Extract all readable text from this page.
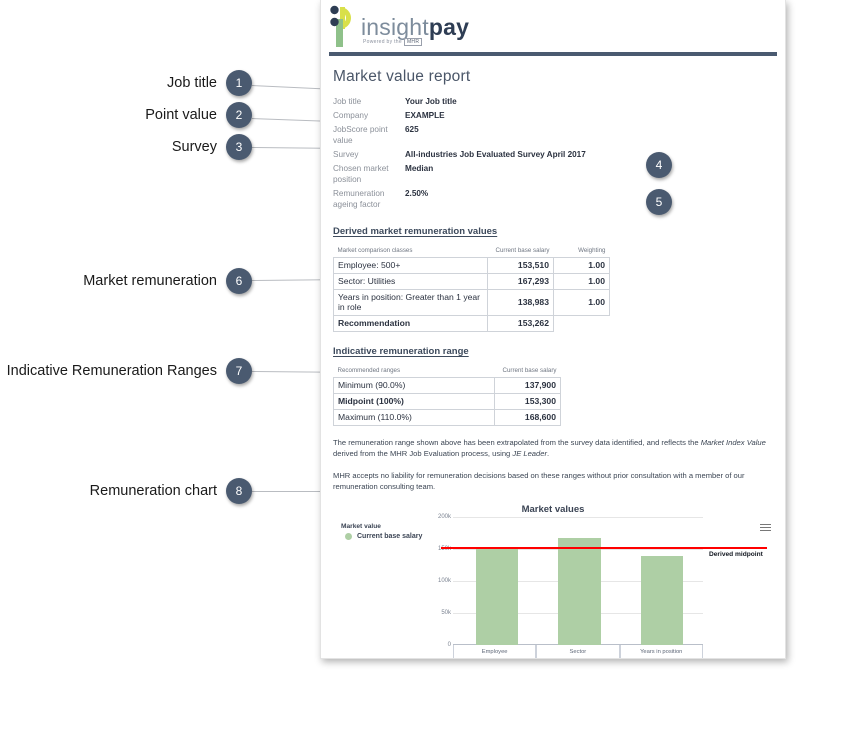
Job title	1
Point value	2
Survey	3
Market remuneration	6
Indicative Remuneration Ranges	7
Remuneration chart	8
4
5
insightpay
Powered by the MHR
Market value report
Job title	Your Job title
Company	EXAMPLE
JobScore point value	625
Survey	All-industries Job Evaluated Survey April 2017
Chosen market position	Median
Remuneration ageing factor	2.50%
Derived market remuneration values
Market comparison classes	Current base salary	Weighting
Employee: 500+	153,510	1.00
Sector: Utilities	167,293	1.00
Years in position: Greater than 1 year in role	138,983	1.00
Recommendation	153,262	
Indicative remuneration range
Recommended ranges	Current base salary
Minimum (90.0%)	137,900
Midpoint (100%)	153,300
Maximum (110.0%)	168,600

The remuneration range shown above has been extrapolated from the survey data identified, and reflects the Market Index Value derived from the MHR Job Evaluation process, using JE Leader.

MHR accepts no liability for remuneration decisions based on these ranges without prior consultation with a member of our remuneration consulting team.

Market values
Market value
Current base salary
200k
150k
100k
50k
0
Derived midpoint
Employee	Sector	Years in position
